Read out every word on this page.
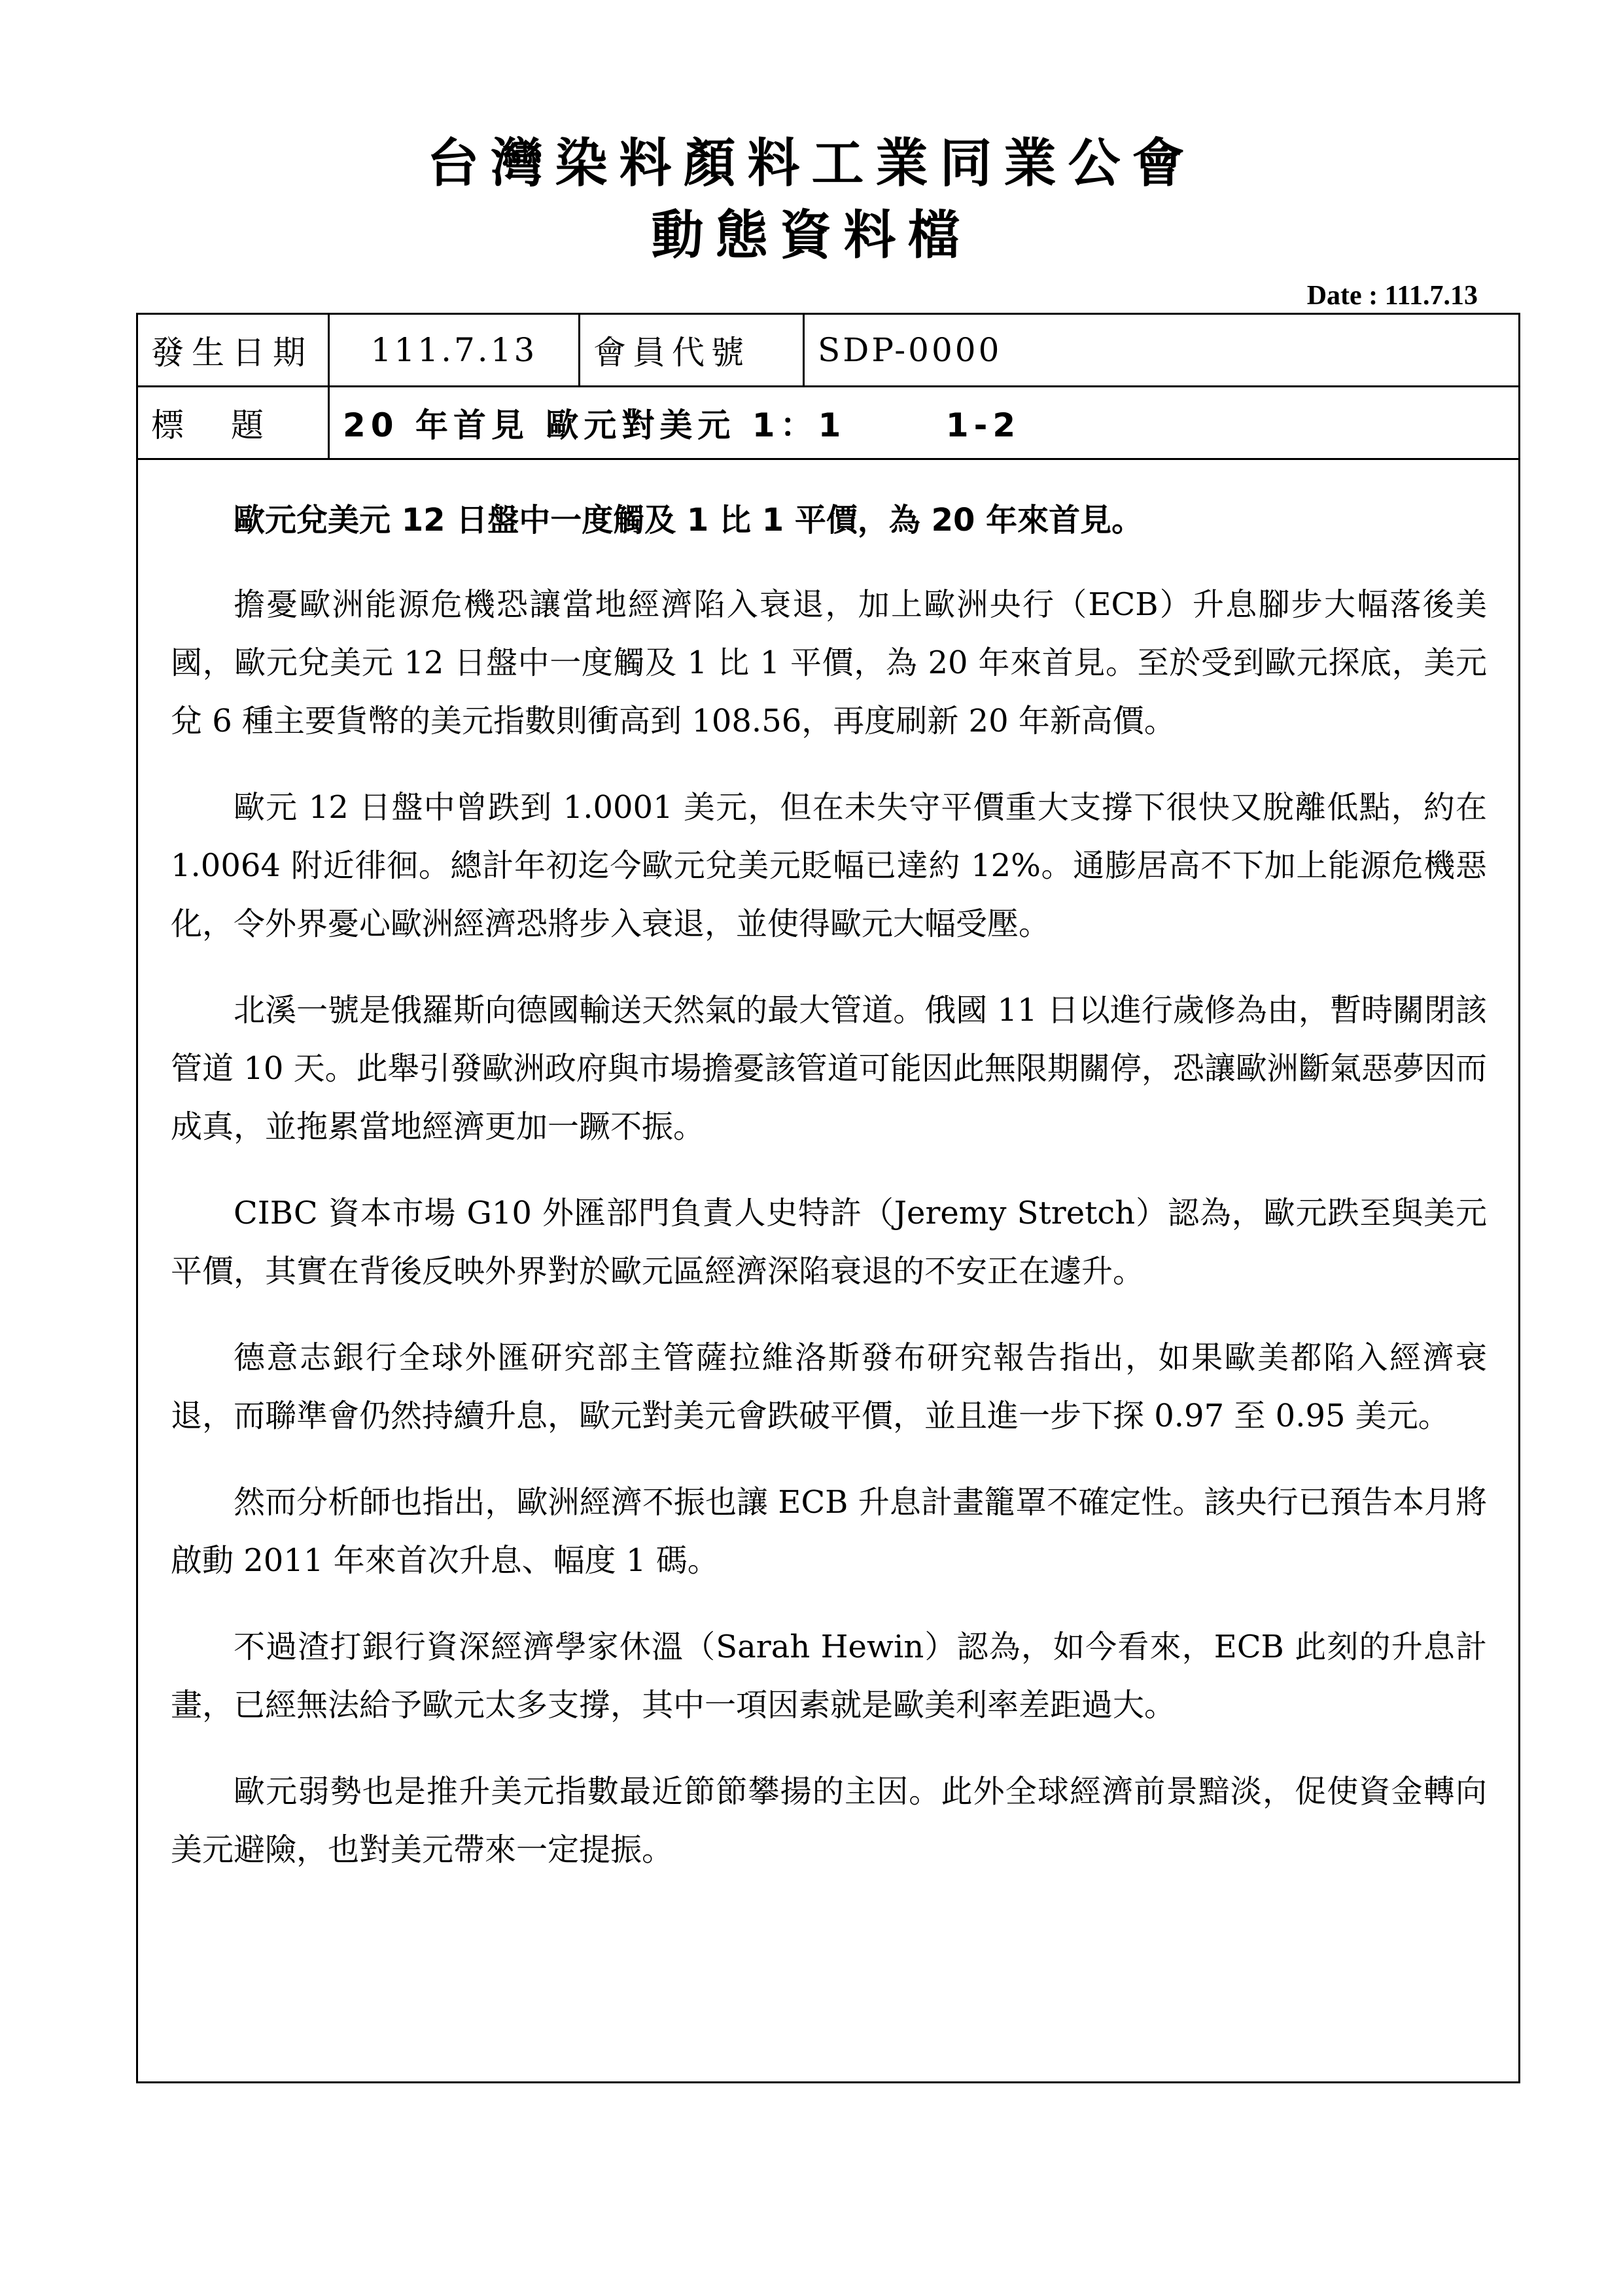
台灣染料顏料工業同業公會
動態資料檔
Date : 111.7.13
發生日期	111.7.13	會員代號	SDP-0000
標題	20 年首見 歐元對美元 1：1      1-2		

歐元兌美元 12 日盤中一度觸及 1 比 1 平價，為 20 年來首見。

擔憂歐洲能源危機恐讓當地經濟陷入衰退，加上歐洲央行（ECB）升息腳步大幅落後美國，歐元兌美元 12 日盤中一度觸及 1 比 1 平價，為 20 年來首見。至於受到歐元探底，美元兌 6 種主要貨幣的美元指數則衝高到 108.56，再度刷新 20 年新高價。

歐元 12 日盤中曾跌到 1.0001 美元，但在未失守平價重大支撐下很快又脫離低點，約在 1.0064 附近徘徊。總計年初迄今歐元兌美元貶幅已達約 12%。通膨居高不下加上能源危機惡化，令外界憂心歐洲經濟恐將步入衰退，並使得歐元大幅受壓。

北溪一號是俄羅斯向德國輸送天然氣的最大管道。俄國 11 日以進行歲修為由，暫時關閉該管道 10 天。此舉引發歐洲政府與市場擔憂該管道可能因此無限期關停，恐讓歐洲斷氣惡夢因而成真，並拖累當地經濟更加一蹶不振。

CIBC 資本市場 G10 外匯部門負責人史特許（Jeremy Stretch）認為，歐元跌至與美元平價，其實在背後反映外界對於歐元區經濟深陷衰退的不安正在遽升。

德意志銀行全球外匯研究部主管薩拉維洛斯發布研究報告指出，如果歐美都陷入經濟衰退，而聯準會仍然持續升息，歐元對美元會跌破平價，並且進一步下探 0.97 至 0.95 美元。

然而分析師也指出，歐洲經濟不振也讓 ECB 升息計畫籠罩不確定性。該央行已預告本月將啟動 2011 年來首次升息、幅度 1 碼。

不過渣打銀行資深經濟學家休溫（Sarah Hewin）認為，如今看來，ECB 此刻的升息計畫，已經無法給予歐元太多支撐，其中一項因素就是歐美利率差距過大。

歐元弱勢也是推升美元指數最近節節攀揚的主因。此外全球經濟前景黯淡，促使資金轉向美元避險，也對美元帶來一定提振。
